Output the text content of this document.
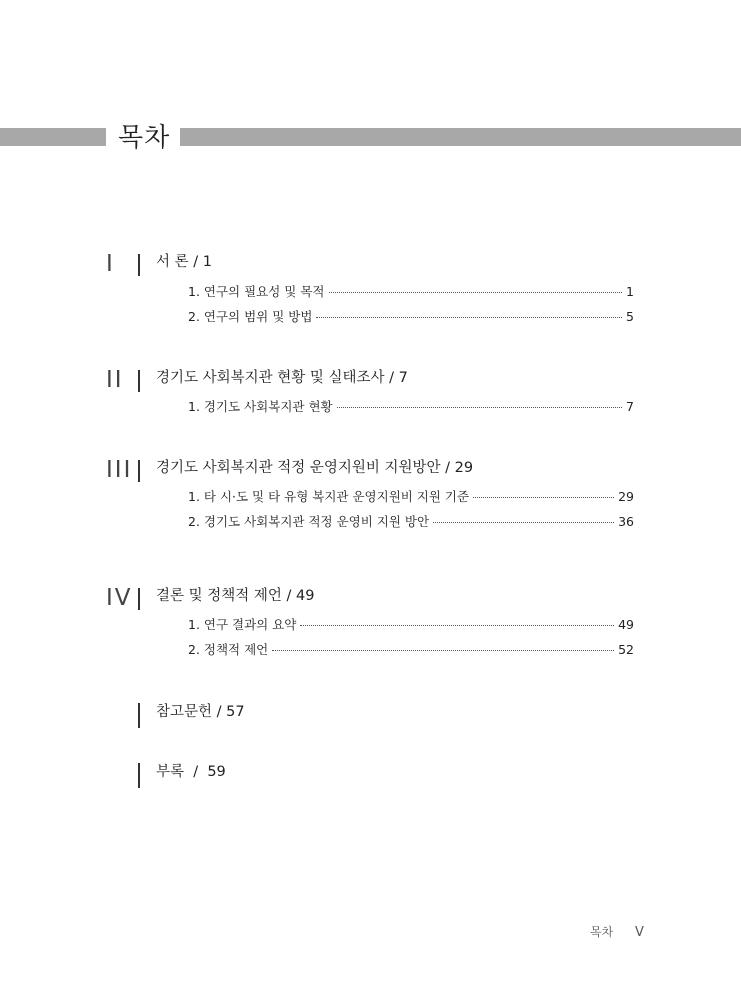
목차
I	서 론 / 1
1. 연구의 필요성 및 목적	1
2. 연구의 범위 및 방법	5
II 경기도 사회복지관 현황 및 실태조사 / 7
1. 경기도 사회복지관 현황	7
III 경기도 사회복지관 적정 운영지원비 지원방안 / 29
1. 타 시·도 및 타 유형 복지관 운영지원비 지원 기준	29
2. 경기도 사회복지관 적정 운영비 지원 방안	36
IV 결론 및 정책적 제언 / 49
1. 연구 결과의 요약	49
2. 정책적 제언	52
참고문헌 / 57
부록  /  59
목차 V
